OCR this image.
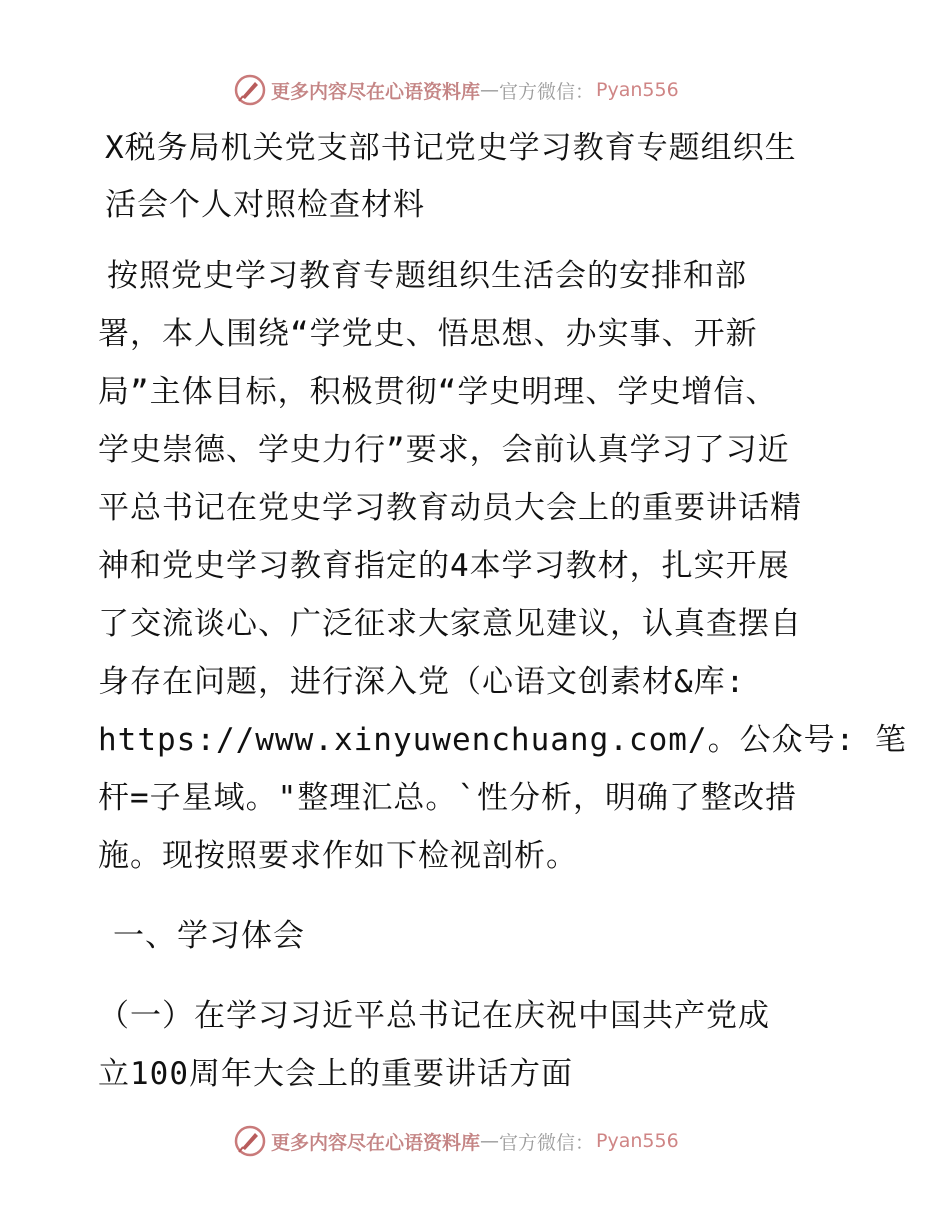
更多内容尽在心语资料库 — 官方微信： Pyan556
X税务局机关党支部书记党史学习教育专题组织生
活会个人对照检查材料

按照党史学习教育专题组织生活会的安排和部
署，本人围绕“学党史、悟思想、办实事、开新
局”主体目标，积极贯彻“学史明理、学史增信、
学史崇德、学史力行”要求，会前认真学习了习近
平总书记在党史学习教育动员大会上的重要讲话精
神和党史学习教育指定的4本学习教材，扎实开展
了交流谈心、广泛征求大家意见建议，认真查摆自
身存在问题，进行深入党（心语文创素材&库:
https://www.xinyuwenchuang.com/。公众号: 笔
杆=子星域。"整理汇总。`性分析，明确了整改措
施。现按照要求作如下检视剖析。

一、学习体会
（一）在学习习近平总书记在庆祝中国共产党成
立100周年大会上的重要讲话方面
更多内容尽在心语资料库 — 官方微信： Pyan556
